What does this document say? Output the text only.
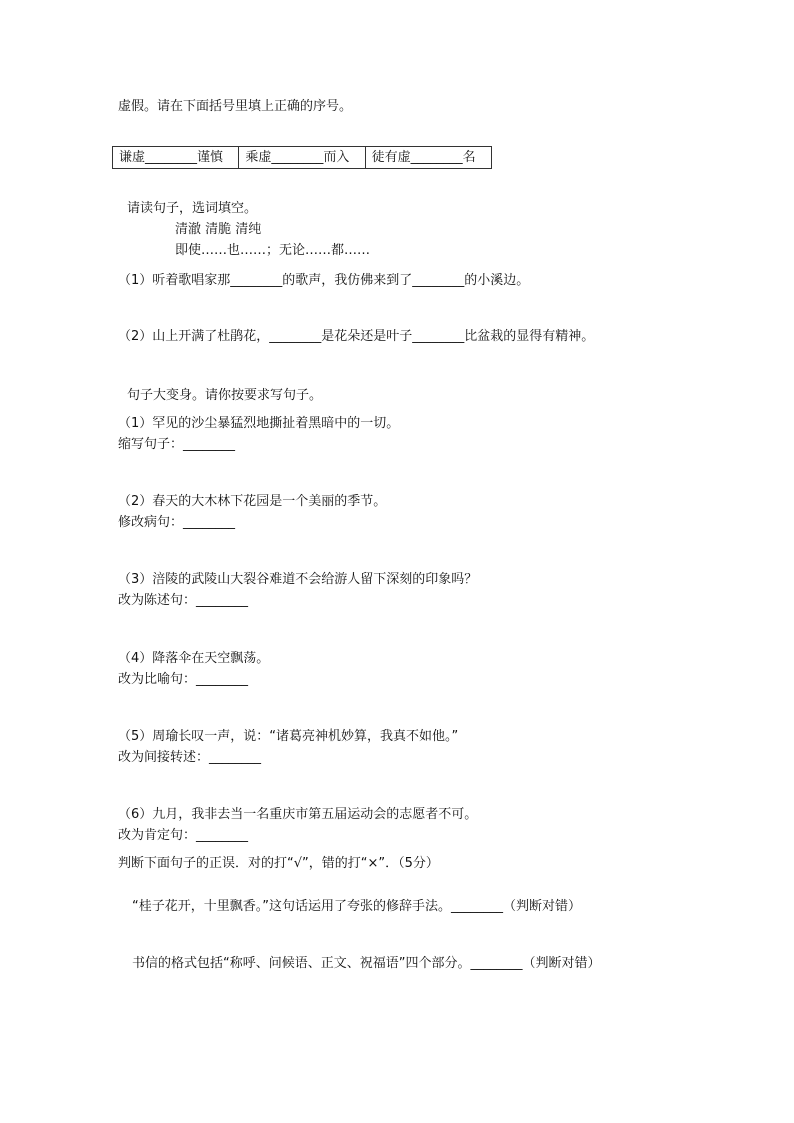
虚假。请在下面括号里填上正确的序号。
谦虚________谨慎	乘虚________而入	徒有虚________名
请读句子，选词填空。
清澈 清脆 清纯
即使……也……；无论……都……
（1）听着歌唱家那________的歌声，我仿佛来到了________的小溪边。
（2）山上开满了杜鹃花，________是花朵还是叶子________比盆栽的显得有精神。
句子大变身。请你按要求写句子。
（1）罕见的沙尘暴猛烈地撕扯着黑暗中的一切。
缩写句子：________
（2）春天的大木林下花园是一个美丽的季节。
修改病句：________
（3）涪陵的武陵山大裂谷难道不会给游人留下深刻的印象吗？
改为陈述句：________
（4）降落伞在天空飘荡。
改为比喻句：________
（5）周瑜长叹一声，说：“诸葛亮神机妙算，我真不如他。”
改为间接转述：________
（6）九月，我非去当一名重庆市第五届运动会的志愿者不可。
改为肯定句：________
判断下面句子的正误．对的打“√”，错的打“×”．（5分）
“桂子花开，十里飘香。”这句话运用了夸张的修辞手法。________（判断对错）
书信的格式包括“称呼、问候语、正文、祝福语”四个部分。________（判断对错）
